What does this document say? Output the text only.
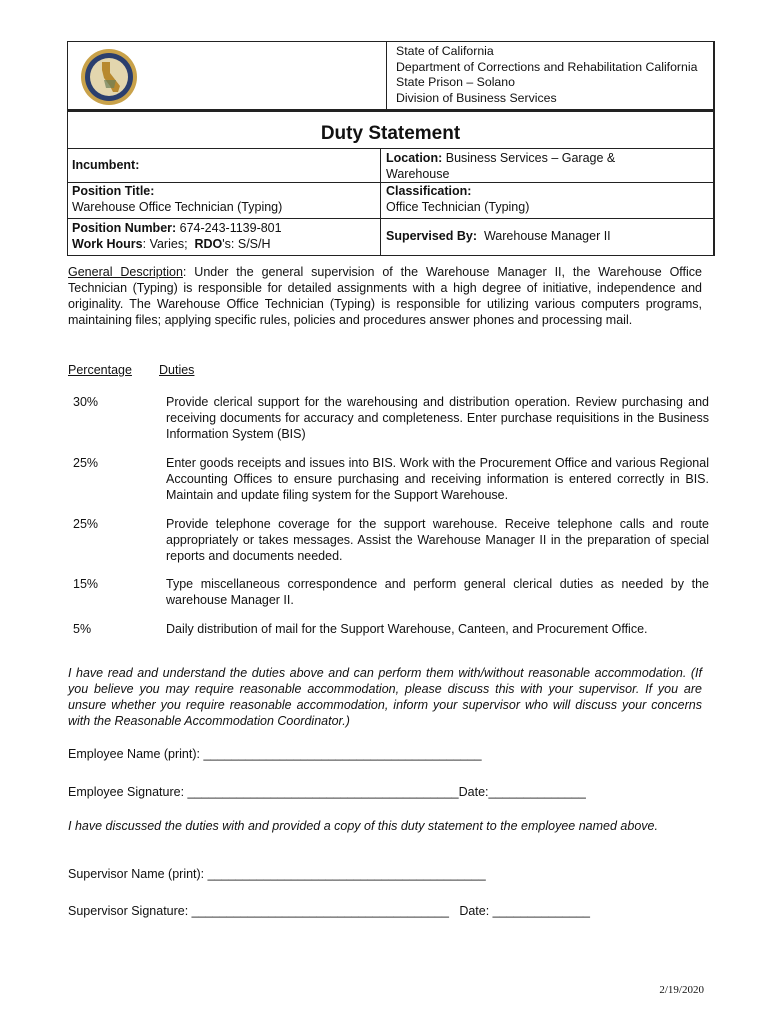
State of California
Department of Corrections and Rehabilitation California
State Prison – Solano
Division of Business Services
Duty Statement
Incumbent:	Location: Business Services – Garage &
Warehouse
Position Title:
Warehouse Office Technician (Typing)
Classification:
Office Technician (Typing)
Position Number: 674-243-1139-801
Work Hours: Varies; RDO's: S/S/H
Supervised By: Warehouse Manager II
General Description: Under the general supervision of the Warehouse Manager II, the Warehouse Office Technician (Typing) is responsible for detailed assignments with a high degree of initiative, independence and originality. The Warehouse Office Technician (Typing) is responsible for utilizing various computers programs, maintaining files; applying specific rules, policies and procedures answer phones and processing mail.
Percentage Duties
30%	Provide clerical support for the warehousing and distribution operation. Review purchasing and receiving documents for accuracy and completeness. Enter purchase requisitions in the Business Information System (BIS)
25%	Enter goods receipts and issues into BIS. Work with the Procurement Office and various Regional Accounting Offices to ensure purchasing and receiving information is entered correctly in BIS. Maintain and update filing system for the Support Warehouse.
25%	Provide telephone coverage for the support warehouse. Receive telephone calls and route appropriately or takes messages. Assist the Warehouse Manager II in the preparation of special reports and documents needed.
15%	Type miscellaneous correspondence and perform general clerical duties as needed by the warehouse Manager II.
5%	Daily distribution of mail for the Support Warehouse, Canteen, and Procurement Office.
I have read and understand the duties above and can perform them with/without reasonable accommodation. (If you believe you may require reasonable accommodation, please discuss this with your supervisor. If you are unsure whether you require reasonable accommodation, inform your supervisor who will discuss your concerns with the Reasonable Accommodation Coordinator.)
Employee Name (print): ________________________________________
Employee Signature: _______________________________________Date:______________
I have discussed the duties with and provided a copy of this duty statement to the employee named above.
Supervisor Name (print): ________________________________________
Supervisor Signature: _____________________________________   Date: ______________
2/19/2020
